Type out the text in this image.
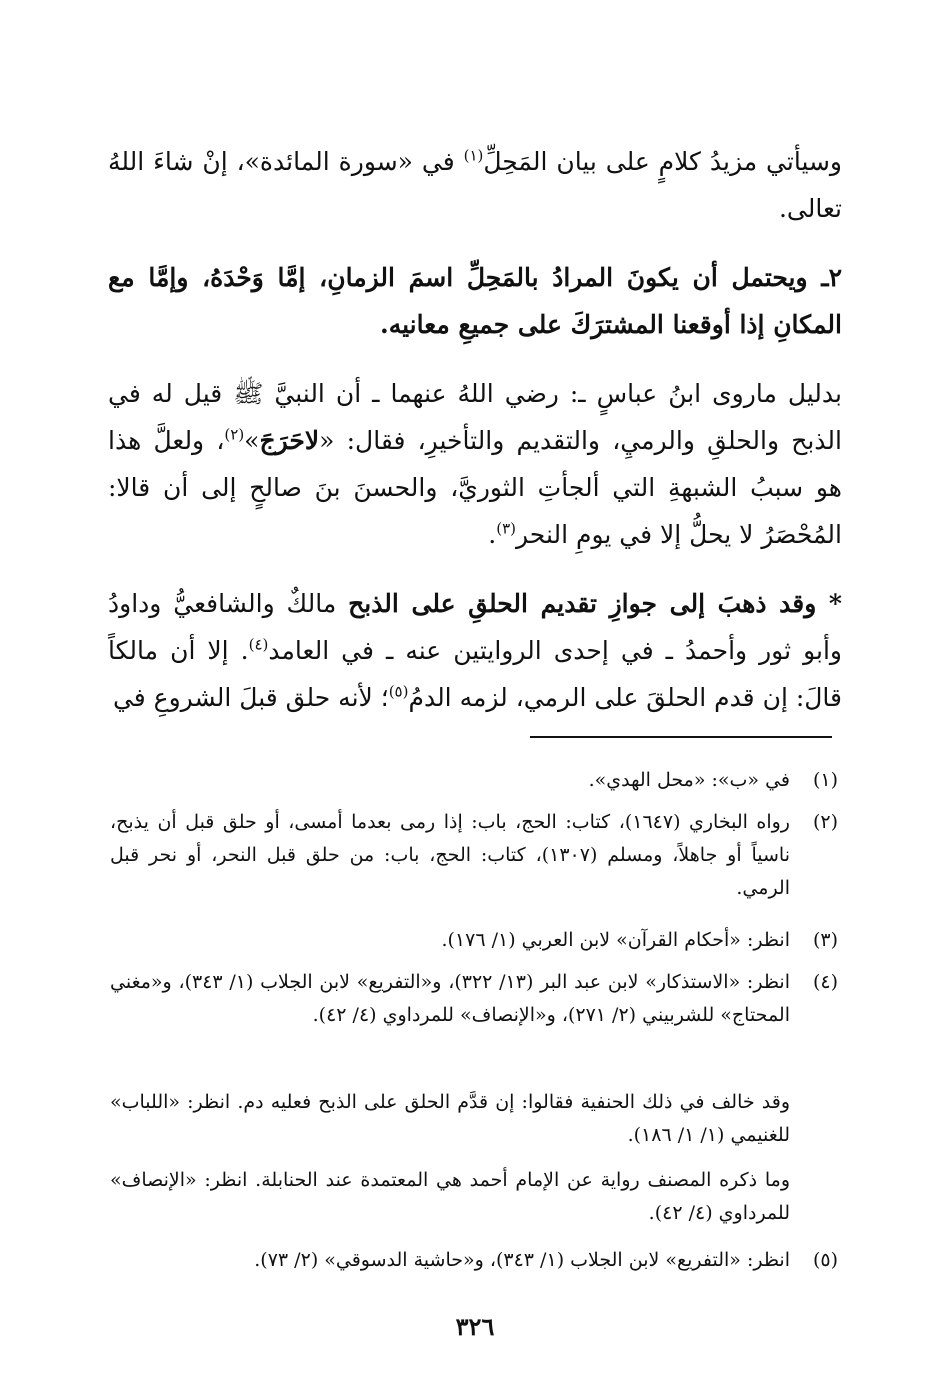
وسيأتي مزيدُ كلامٍ على بيان المَحِلِّ$^{(١)}$ في «سورة المائدة»، إنْ شاءَ اللهُ تعالى.
٢ـ ويحتمل أن يكونَ المرادُ بالمَحِلِّ اسمَ الزمانِ، إمَّا وَحْدَهُ، وإمَّا مع المكانِ إذا أوقعنا المشترَكَ على جميعِ معانيه.
بدليل ماروى ابنُ عباسٍ ـ: رضي اللهُ عنهما ـ أن النبيَّ ﷺ قيل له في الذبح والحلقِ والرميِ، والتقديم والتأخيرِ، فقال: «لاحَرَجَ»$^{(٢)}$، ولعلَّ هذا هو سببُ الشبهةِ التي ألجأتِ الثوريَّ، والحسنَ بنَ صالحٍ إلى أن قالا: المُحْصَرُ لا يحلُّ إلا في يومِ النحر$^{(٣)}$.
* وقد ذهبَ إلى جوازِ تقديم الحلقِ على الذبح مالكٌ والشافعيُّ وداودُ وأبو ثور وأحمدُ ـ في إحدى الروايتين عنه ـ في العامد$^{(٤)}$. إلا أن مالكاً قالَ: إن قدم الحلقَ على الرمي، لزمه الدمُ$^{(٥)}$؛ لأنه حلق قبلَ الشروعِ في
(١)
في «ب»: «محل الهدي».
(٢)
رواه البخاري (١٦٤٧)، كتاب: الحج، باب: إذا رمى بعدما أمسى، أو حلق قبل أن يذبح، ناسياً أو جاهلاً، ومسلم (١٣٠٧)، كتاب: الحج، باب: من حلق قبل النحر، أو نحر قبل الرمي.
(٣)
انظر: «أحكام القرآن» لابن العربي (١/ ١٧٦).
(٤)
انظر: «الاستذكار» لابن عبد البر (١٣/ ٣٢٢)، و«التفريع» لابن الجلاب (١/ ٣٤٣)، و«مغني المحتاج» للشربيني (٢/ ٢٧١)، و«الإنصاف» للمرداوي (٤/ ٤٢).
وقد خالف في ذلك الحنفية فقالوا: إن قدَّم الحلق على الذبح فعليه دم. انظر: «اللباب» للغنيمي (١/ ١/ ١٨٦).
وما ذكره المصنف رواية عن الإمام أحمد هي المعتمدة عند الحنابلة. انظر: «الإنصاف» للمرداوي (٤/ ٤٢).
(٥)
انظر: «التفريع» لابن الجلاب (١/ ٣٤٣)، و«حاشية الدسوقي» (٢/ ٧٣).
٣٢٦
